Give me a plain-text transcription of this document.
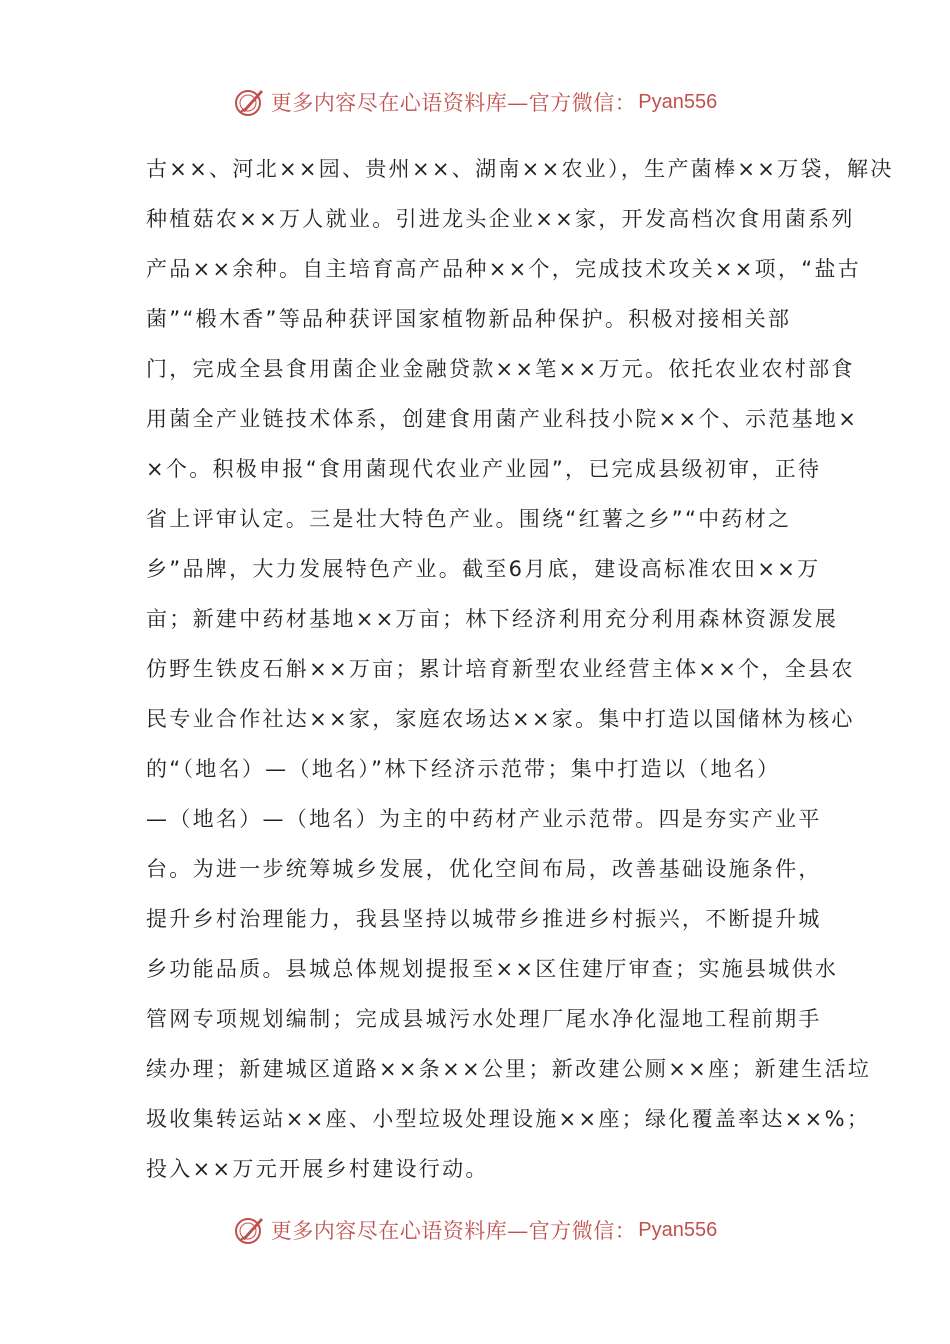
更多内容尽在心语资料库—官方微信： Pyan556
古××、河北××园、贵州××、湖南××农业），生产菌棒××万袋，解决
种植菇农××万人就业。引进龙头企业××家，开发高档次食用菌系列
产品××余种。自主培育高产品种××个，完成技术攻关××项，“盐古
菌”“椴木香”等品种获评国家植物新品种保护。积极对接相关部
门，完成全县食用菌企业金融贷款××笔××万元。依托农业农村部食
用菌全产业链技术体系，创建食用菌产业科技小院××个、示范基地×
×个。积极申报“食用菌现代农业产业园”，已完成县级初审，正待
省上评审认定。三是壮大特色产业。围绕“红薯之乡”“中药材之
乡”品牌，大力发展特色产业。截至6月底，建设高标准农田××万
亩；新建中药材基地××万亩；林下经济利用充分利用森林资源发展
仿野生铁皮石斛××万亩；累计培育新型农业经营主体××个，全县农
民专业合作社达××家，家庭农场达××家。集中打造以国储林为核心
的“（地名）—（地名）”林下经济示范带；集中打造以（地名）
—（地名）—（地名）为主的中药材产业示范带。四是夯实产业平
台。为进一步统筹城乡发展，优化空间布局，改善基础设施条件，
提升乡村治理能力，我县坚持以城带乡推进乡村振兴，不断提升城
乡功能品质。县城总体规划提报至××区住建厅审查；实施县城供水
管网专项规划编制；完成县城污水处理厂尾水净化湿地工程前期手
续办理；新建城区道路××条××公里；新改建公厕××座；新建生活垃
圾收集转运站××座、小型垃圾处理设施××座；绿化覆盖率达××%；
投入××万元开展乡村建设行动。
更多内容尽在心语资料库—官方微信： Pyan556
